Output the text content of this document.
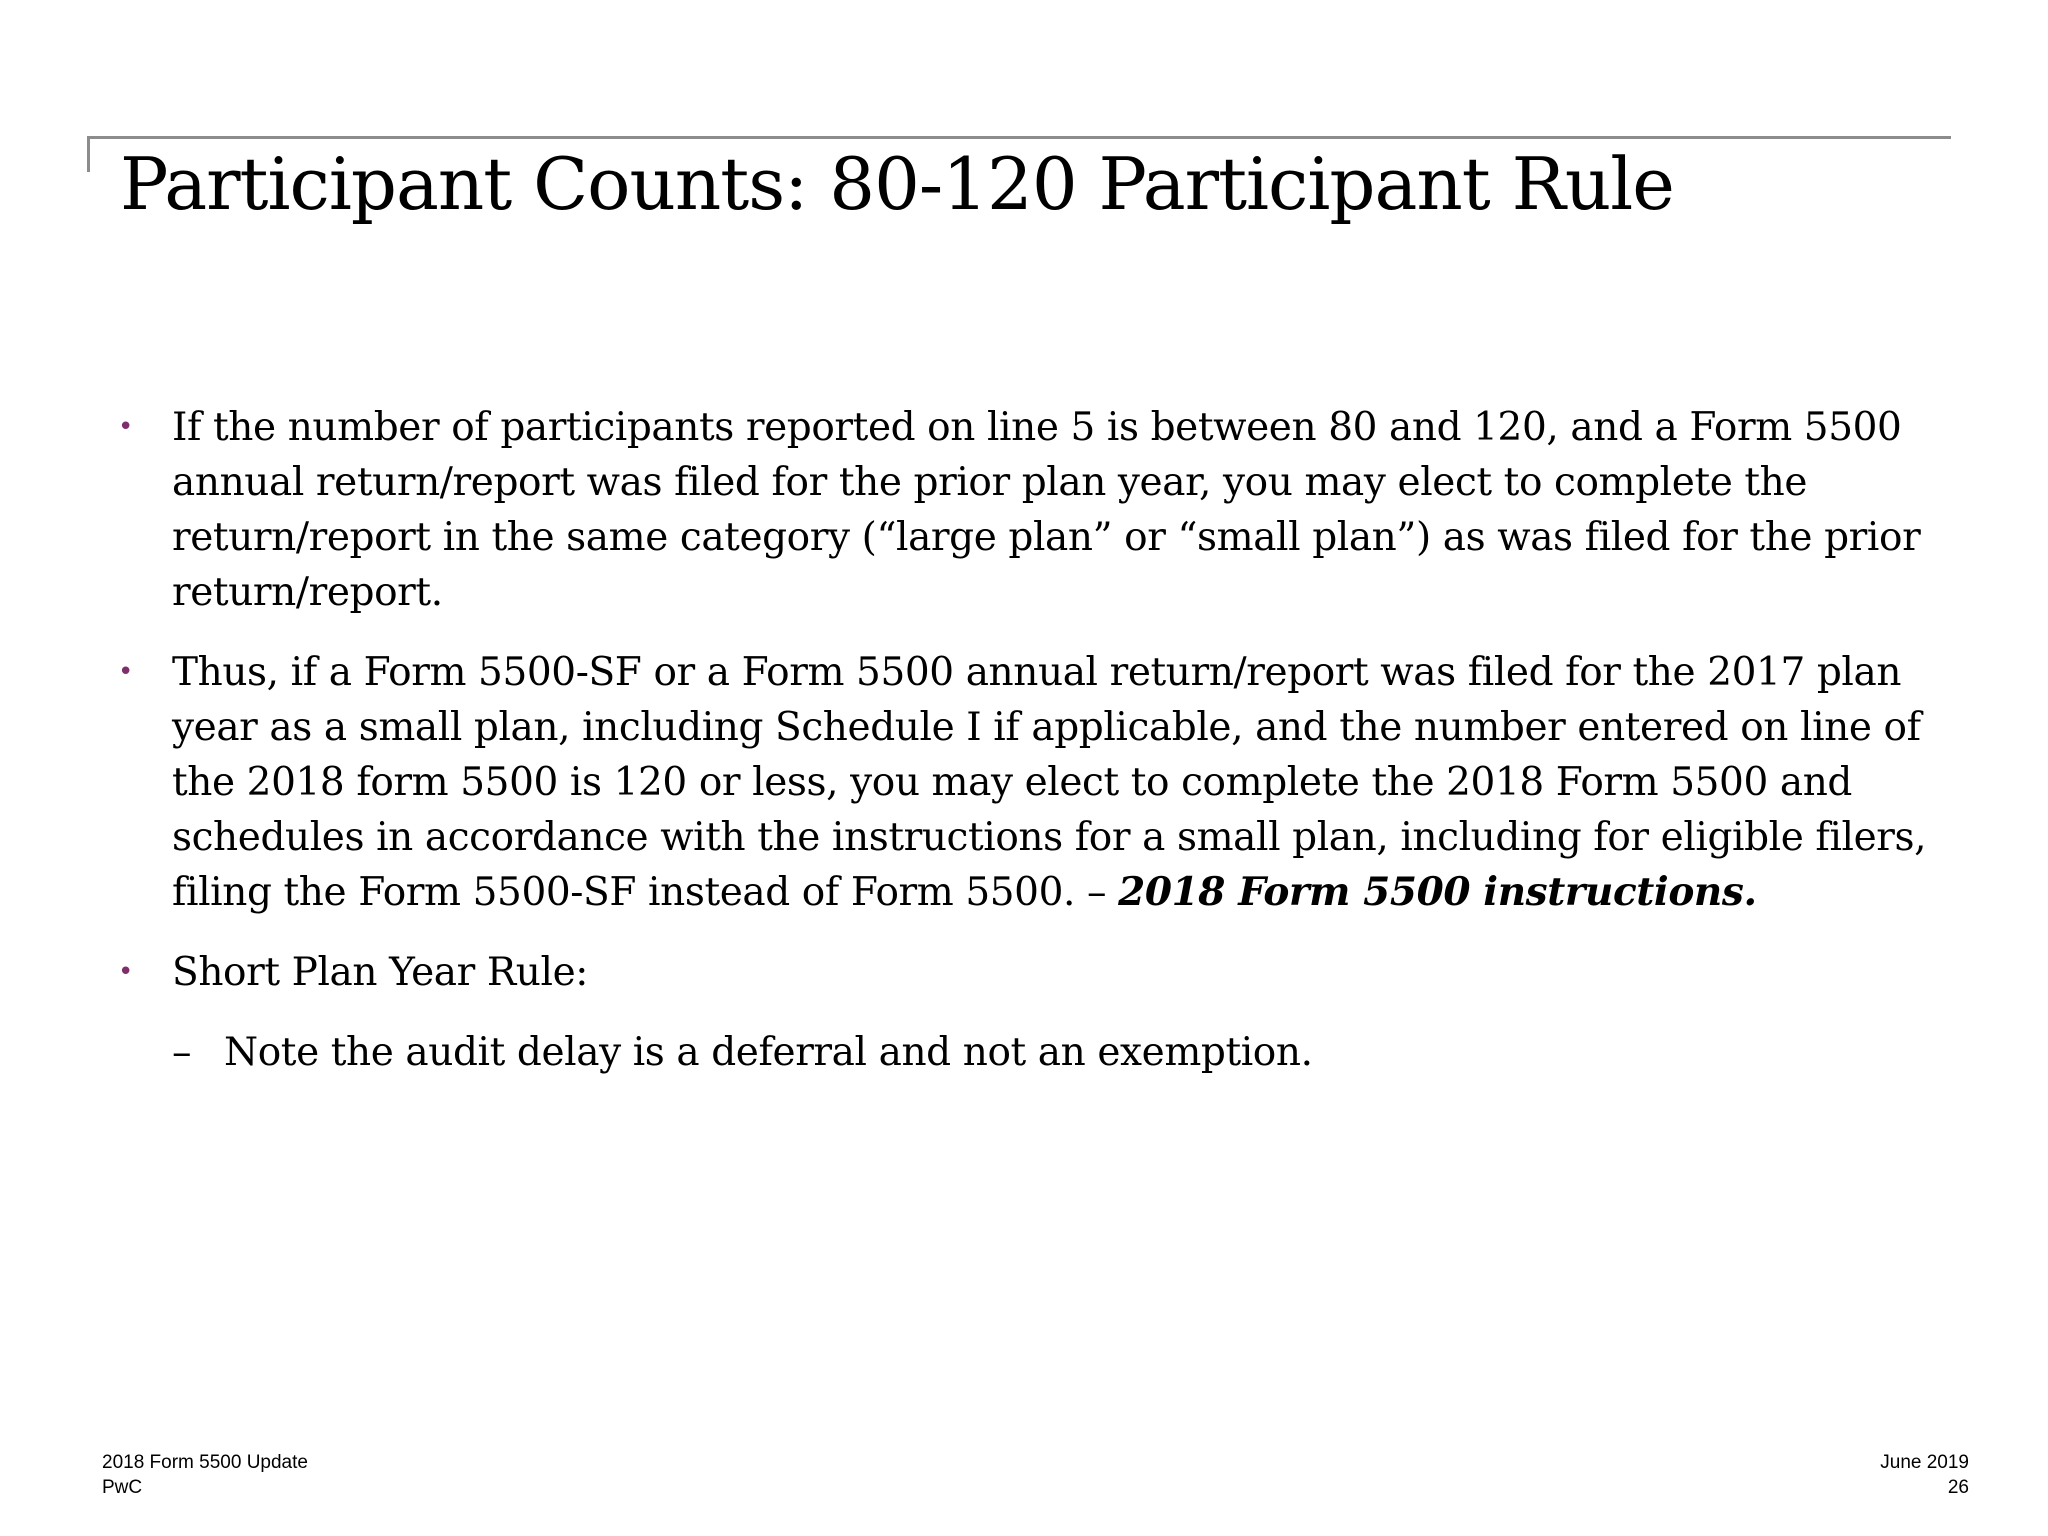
Participant Counts: 80-120 Participant Rule
• If the number of participants reported on line 5 is between 80 and 120, and a Form 5500 annual return/report was filed for the prior plan year, you may elect to complete the return/report in the same category (“large plan” or “small plan”) as was filed for the prior return/report.
• Thus, if a Form 5500-SF or a Form 5500 annual return/report was filed for the 2017 plan year as a small plan, including Schedule I if applicable, and the number entered on line of the 2018 form 5500 is 120 or less, you may elect to complete the 2018 Form 5500 and schedules in accordance with the instructions for a small plan, including for eligible filers, filing the Form 5500-SF instead of Form 5500. – 2018 Form 5500 instructions.
• Short Plan Year Rule:
– Note the audit delay is a deferral and not an exemption.
2018 Form 5500 Update
PwC
June 2019
26
